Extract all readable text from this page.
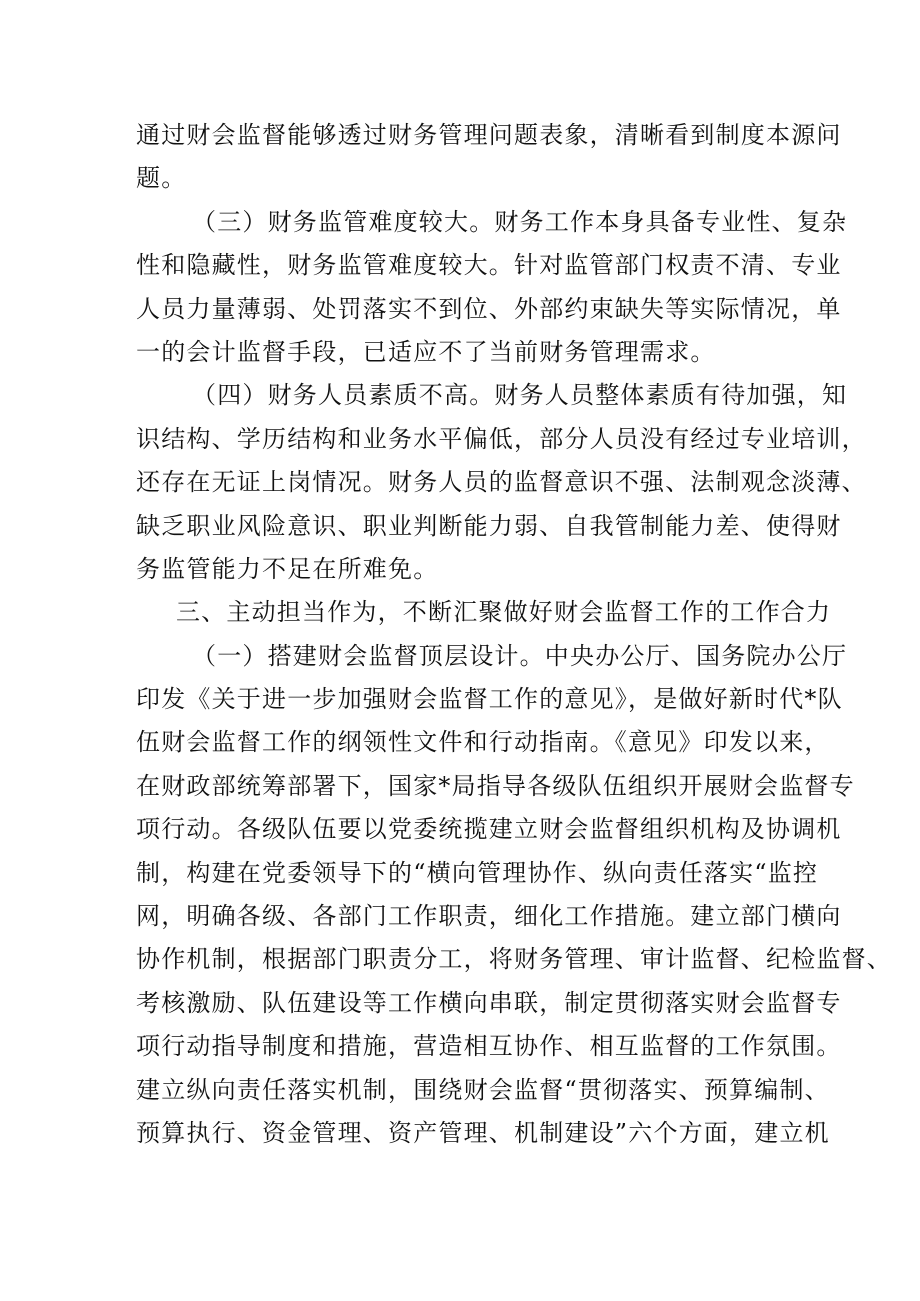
通过财会监督能够透过财务管理问题表象，清晰看到制度本源问
题。
（三）财务监管难度较大。财务工作本身具备专业性、复杂
性和隐藏性，财务监管难度较大。针对监管部门权责不清、专业
人员力量薄弱、处罚落实不到位、外部约束缺失等实际情况，单
一的会计监督手段，已适应不了当前财务管理需求。
（四）财务人员素质不高。财务人员整体素质有待加强，知
识结构、学历结构和业务水平偏低，部分人员没有经过专业培训，
还存在无证上岗情况。财务人员的监督意识不强、法制观念淡薄、
缺乏职业风险意识、职业判断能力弱、自我管制能力差、使得财
务监管能力不足在所难免。
三、主动担当作为，不断汇聚做好财会监督工作的工作合力
（一）搭建财会监督顶层设计。中央办公厅、国务院办公厅
印发《关于进一步加强财会监督工作的意见》，是做好新时代*队
伍财会监督工作的纲领性文件和行动指南。《意见》印发以来，
在财政部统筹部署下，国家*局指导各级队伍组织开展财会监督专
项行动。各级队伍要以党委统揽建立财会监督组织机构及协调机
制，构建在党委领导下的“横向管理协作、纵向责任落实“监控
网，明确各级、各部门工作职责，细化工作措施。建立部门横向
协作机制，根据部门职责分工，将财务管理、审计监督、纪检监督、
考核激励、队伍建设等工作横向串联，制定贯彻落实财会监督专
项行动指导制度和措施，营造相互协作、相互监督的工作氛围。
建立纵向责任落实机制，围绕财会监督“贯彻落实、预算编制、
预算执行、资金管理、资产管理、机制建设”六个方面，建立机
